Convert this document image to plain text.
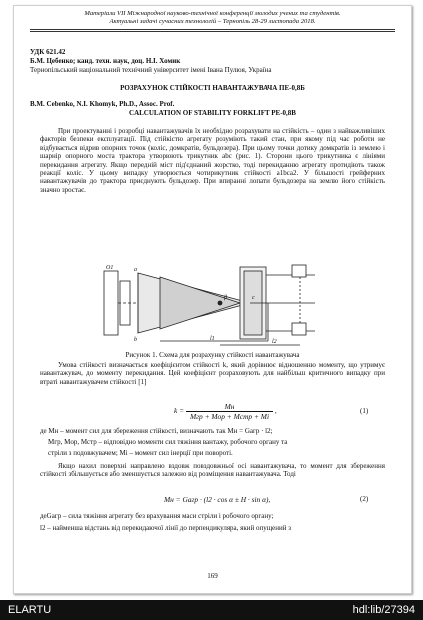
Матеріали VІІ Міжнародної науково-технічної конференції молодих учених та студентів.
Актуальні задачі сучасних технологій – Тернопіль 28-29 листопада 2018.
УДК 621.42
Б.М. Цебенко; канд. техн. наук, доц. Н.І. Хомик
Тернопільський національний технічний університет імені Івана Пулюя, Україна
РОЗРАХУНОК СТІЙКОСТІ НАВАНТАЖУВАЧА ПЕ-0,8Б
B.M. Cebenko, N.I. Khomyk, Ph.D., Assoc. Prof.
CALCULATION OF STABILITY FORKLIFT PE-0,8B
При проектуванні і розробці навантажувачів їх необхідно розрахувати на стійкість – один з найважливіших факторів безпеки експлуатації. Під стійкістю агрегату розуміють такий стан, при якому під час роботи не відбувається відрив опорних точок (коліс, домкратів, бульдозера). При цьому точки дотику домкратів із землею і шарнір опорного моста трактора утворюють трикутник abc (рис. 1). Сторони цього трикутника є лініями перекидання агрегату. Якщо передній міст під'єднаний жорстко, тоді перекиданню агрегату протидіють також реакції коліс. У цьому випадку утворюється чотирикутник стійкості a1bca2. У більшості грейферних навантажувачів до трактора приєднують бульдозер. При впиранні лопати бульдозера на землю його стійкість значно зростає.
O1	a
b
c
l1	l2
β
Рисунок 1. Схема для розрахунку стійкості навантажувача
Умова стійкості визначається коефіцієнтом стійкості k, який дорівнює відношенню моменту, що утримує навантажувач, до моменту перекидання. Цей коефіцієнт розраховують для найбільш критичного випадку при втраті навантажувачем стійкості [1]
$k = \frac{Mн}{\text{Mгр + Mор + Mстр + Mі}}$ ,	(1)
де Mн – момент сил для збереження стійкості, визначають так Mн = Gагр · l2;
Mгр, Mор, Mстр – відповідно моменти сил тяжіння вантажу, робочого органу та
стріли з подовжувачем; Mі – момент сил інерції при повороті.
Якщо нахил поверхні направлено вздовж повздовжньої осі навантажувача, то момент для збереження стійкості збільшується або зменшується залежно від розміщення навантажувача. Тоді
Mн = Gагр · (l2 · cos α ± H · sin α),	(2)
деGагр – сила тяжіння агрегату без врахування маси стріли і робочого органу;
l2 – найменша відстань від перекидаючої лінії до перпендикуляра, який опущений з
169
ELARTU	hdl:lib/27394
